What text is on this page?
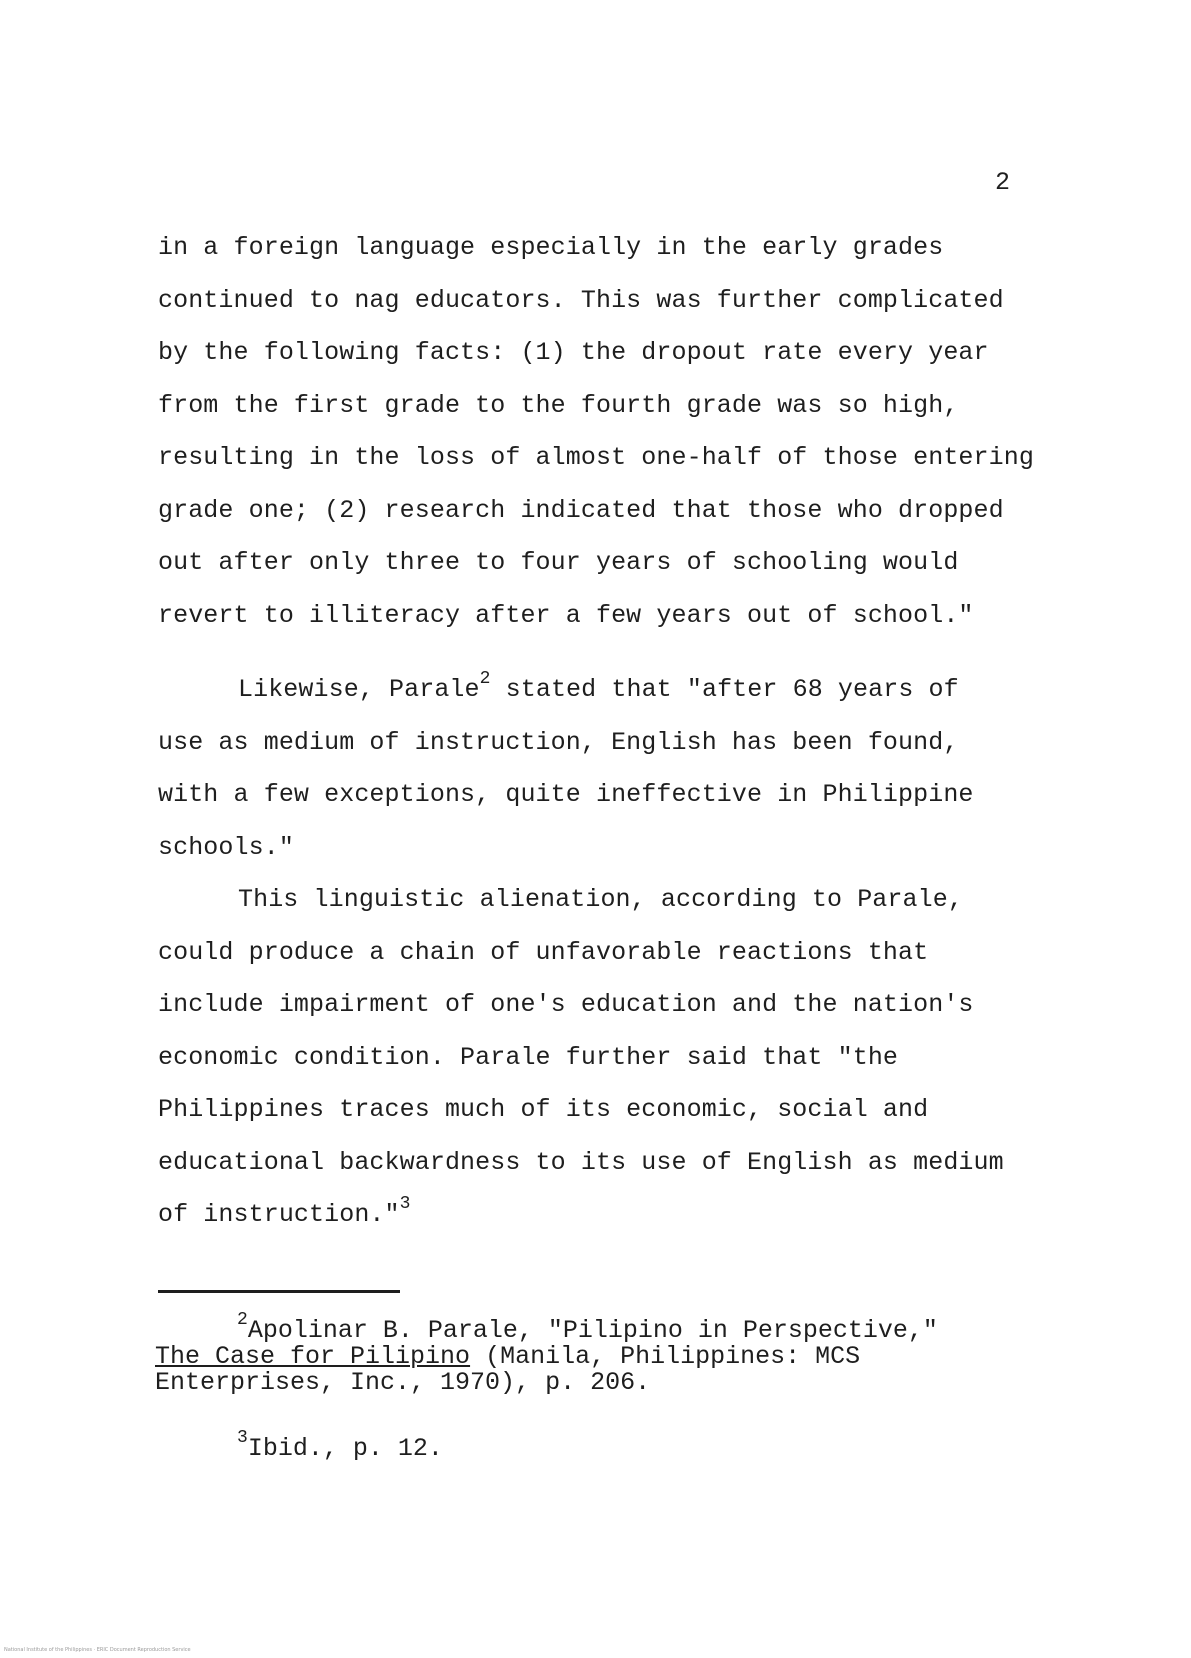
2

in a foreign language especially in the early grades
continued to nag educators. This was further complicated
by the following facts: (1) the dropout rate every year
from the first grade to the fourth grade was so high,
resulting in the loss of almost one-half of those entering
grade one; (2) research indicated that those who dropped
out after only three to four years of schooling would
revert to illiteracy after a few years out of school."

Likewise, Parale$^2$ stated that "after 68 years of
use as medium of instruction, English has been found,
with a few exceptions, quite ineffective in Philippine
schools."

This linguistic alienation, according to Parale,
could produce a chain of unfavorable reactions that
include impairment of one's education and the nation's
economic condition. Parale further said that "the
Philippines traces much of its economic, social and
educational backwardness to its use of English as medium
of instruction."$^3$

$^2$Apolinar B. Parale, "Pilipino in Perspective,"
The Case for Pilipino (Manila, Philippines: MCS
Enterprises, Inc., 1970), p. 206.

$^3$Ibid., p. 12.

National Institute of the Philippines · ERIC Document Reproduction Service
